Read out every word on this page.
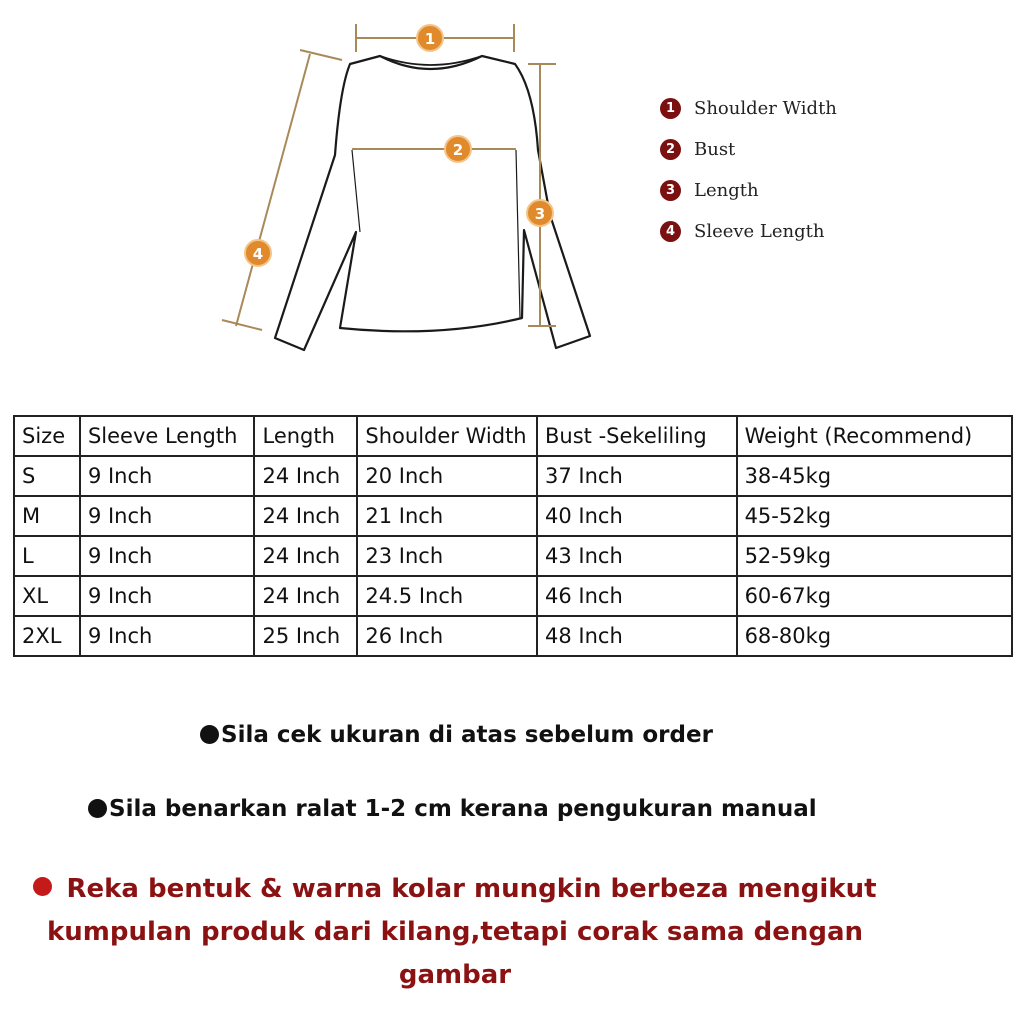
1
2
3
4
1	Shoulder Width
2	Bust
3	Length
4	Sleeve Length
Size	Sleeve Length	Length	Shoulder Width	Bust -Sekeliling	Weight (Recommend)
S	9 Inch	24 Inch	20 Inch	37 Inch	38-45kg
M	9 Inch	24 Inch	21 Inch	40 Inch	45-52kg
L	9 Inch	24 Inch	23 Inch	43 Inch	52-59kg
XL	9 Inch	24 Inch	24.5 Inch	46 Inch	60-67kg
2XL	9 Inch	25 Inch	26 Inch	48 Inch	68-80kg
Sila cek ukuran di atas sebelum order
Sila benarkan ralat 1-2 cm kerana pengukuran manual
Reka bentuk & warna kolar mungkin berbeza mengikut kumpulan produk dari kilang,tetapi corak sama dengan gambar
